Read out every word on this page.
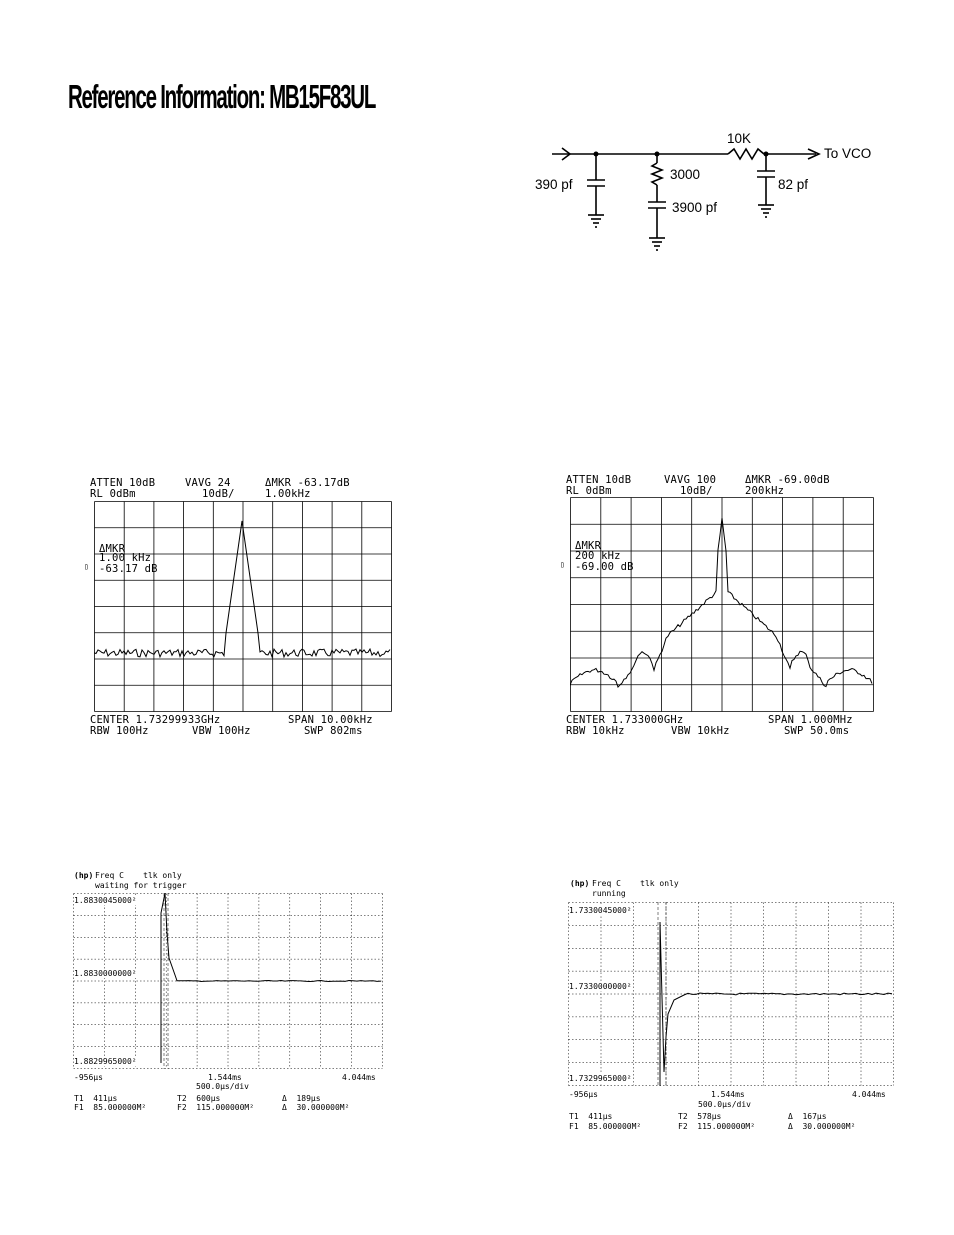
Reference Information: MB15F83UL
10K
To VCO
390 pf
3000
3900 pf
82 pf
ATTEN 10dB	VAVG 24	ΔMKR -63.17dB
RL 0dBm	10dB/	1.00kHz
▯
ΔMKR
1.00 kHz
-63.17 dB
CENTER 1.73299933GHz	SPAN 10.00kHz
RBW 100Hz	VBW 100Hz	SWP 802ms
ATTEN 10dB	VAVG 100	ΔMKR -69.00dB
RL 0dBm	10dB/	200kHz
▯
ΔMKR
200 kHz
-69.00 dB
CENTER 1.733000GHz	SPAN 1.000MHz
RBW 10kHz	VBW 10kHz	SWP 50.0ms
(hp) Freq C    tlk only
waiting for trigger
1.8830045000²
1.8830000000²
1.8829965000²
-956µs	1.544ms	4.044ms
500.0µs/div
T1  411µs
F1  85.000000M²
T2  600µs
F2  115.000000M²
Δ  189µs
Δ  30.000000M²
(hp) Freq C    tlk only
running
1.7330045000²
1.7330000000²
1.7329965000²
-956µs	1.544ms	4.044ms
500.0µs/div
T1  411µs
F1  85.000000M²
T2  578µs
F2  115.000000M²
Δ  167µs
Δ  30.000000M²
